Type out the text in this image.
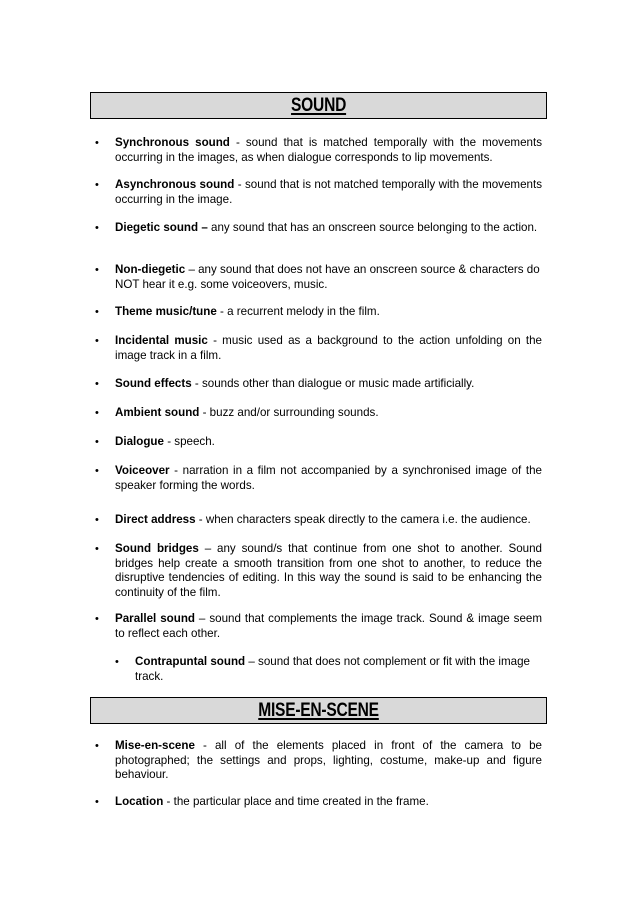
SOUND
• Synchronous sound - sound that is matched temporally with the movements occurring in the images, as when dialogue corresponds to lip movements.
• Asynchronous sound - sound that is not matched temporally with the movements occurring in the image.
• Diegetic sound – any sound that has an onscreen source belonging to the action.
• Non-diegetic – any sound that does not have an onscreen source & characters do NOT hear it e.g. some voiceovers, music.
• Theme music/tune - a recurrent melody in the film.
• Incidental music - music used as a background to the action unfolding on the image track in a film.
• Sound effects - sounds other than dialogue or music made artificially.
• Ambient sound - buzz and/or surrounding sounds.
• Dialogue - speech.
• Voiceover - narration in a film not accompanied by a synchronised image of the speaker forming the words.
• Direct address - when characters speak directly to the camera i.e. the audience.
• Sound bridges – any sound/s that continue from one shot to another. Sound bridges help create a smooth transition from one shot to another, to reduce the disruptive tendencies of editing. In this way the sound is said to be enhancing the continuity of the film.
• Parallel sound – sound that complements the image track. Sound & image seem to reflect each other.
• Contrapuntal sound – sound that does not complement or fit with the image track.
MISE-EN-SCENE
• Mise-en-scene - all of the elements placed in front of the camera to be photographed; the settings and props, lighting, costume, make-up and figure behaviour.
• Location - the particular place and time created in the frame.
